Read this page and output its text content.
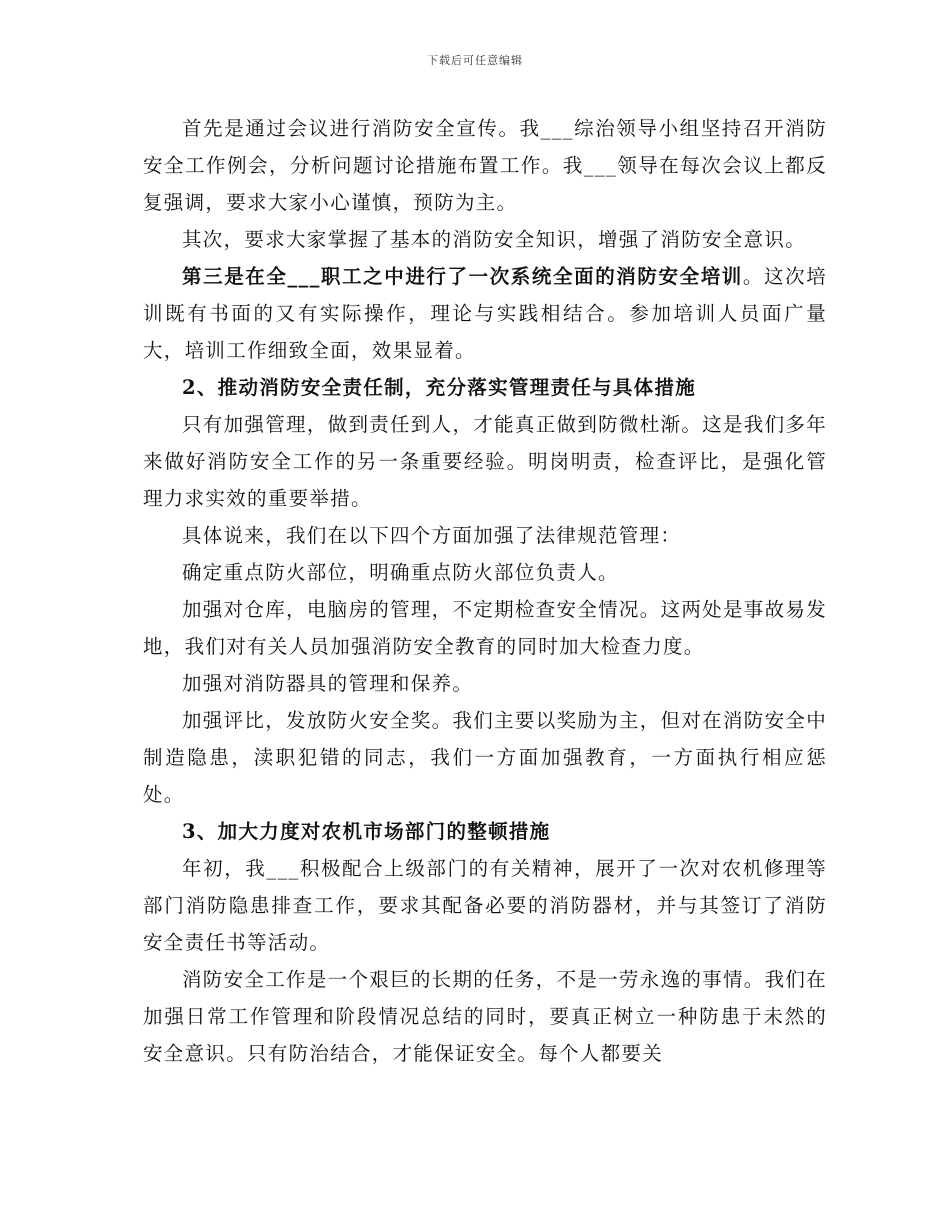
下载后可任意编辑

首先是通过会议进行消防安全宣传。我___综治领导小组坚持召开消防安全工作例会，分析问题讨论措施布置工作。我___领导在每次会议上都反复强调，要求大家小心谨慎，预防为主。

其次，要求大家掌握了基本的消防安全知识，增强了消防安全意识。

第三是在全___职工之中进行了一次系统全面的消防安全培训。这次培训既有书面的又有实际操作，理论与实践相结合。参加培训人员面广量大，培训工作细致全面，效果显着。

2、推动消防安全责任制，充分落实管理责任与具体措施

只有加强管理，做到责任到人，才能真正做到防微杜渐。这是我们多年来做好消防安全工作的另一条重要经验。明岗明责，检查评比，是强化管理力求实效的重要举措。

具体说来，我们在以下四个方面加强了法律规范管理：

确定重点防火部位，明确重点防火部位负责人。

加强对仓库，电脑房的管理，不定期检查安全情况。这两处是事故易发地，我们对有关人员加强消防安全教育的同时加大检查力度。

加强对消防器具的管理和保养。

加强评比，发放防火安全奖。我们主要以奖励为主，但对在消防安全中制造隐患，渎职犯错的同志，我们一方面加强教育，一方面执行相应惩处。

3、加大力度对农机市场部门的整顿措施

年初，我___积极配合上级部门的有关精神，展开了一次对农机修理等部门消防隐患排查工作，要求其配备必要的消防器材，并与其签订了消防安全责任书等活动。

消防安全工作是一个艰巨的长期的任务，不是一劳永逸的事情。我们在加强日常工作管理和阶段情况总结的同时，要真正树立一种防患于未然的安全意识。只有防治结合，才能保证安全。每个人都要关
